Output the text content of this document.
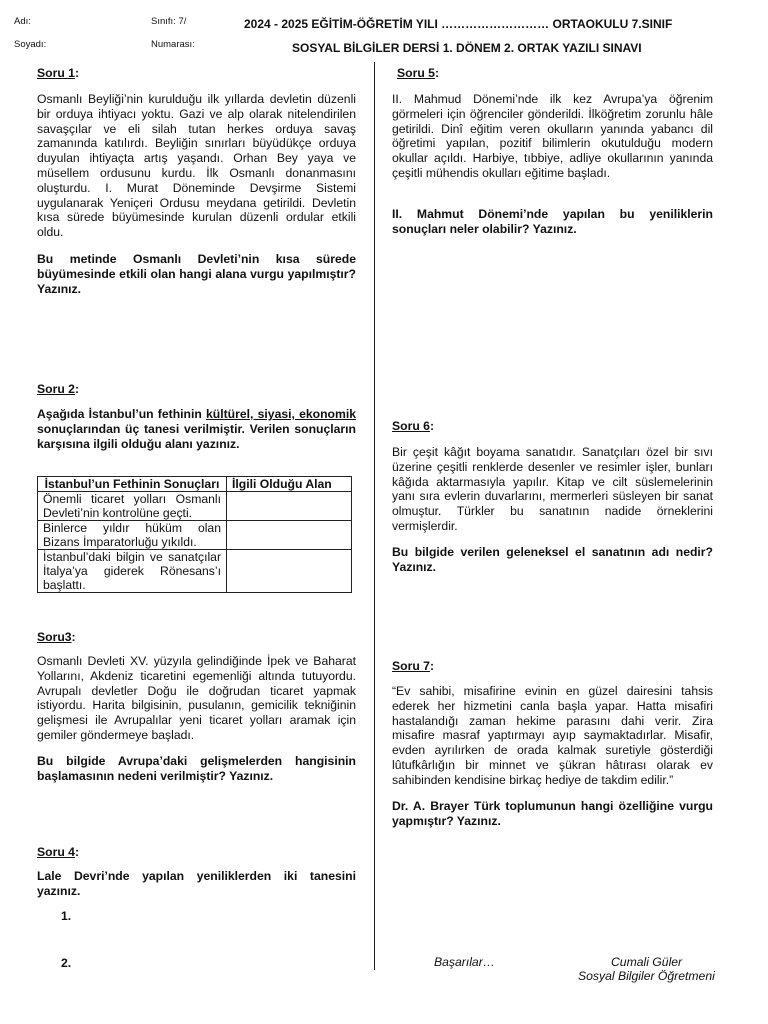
Adı:
Soyadı:
Sınıfı: 7/
Numarası:
2024 - 2025 EĞİTİM-ÖĞRETİM YILI ……………………… ORTAOKULU 7.SINIF
SOSYAL BİLGİLER DERSİ 1. DÖNEM 2. ORTAK YAZILI SINAVI
Soru 1:

Osmanlı Beyliği’nin kurulduğu ilk yıllarda devletin düzenli bir orduya ihtiyacı yoktu. Gazi ve alp olarak nitelendirilen savaşçılar ve eli silah tutan herkes orduya savaş zamanında katılırdı. Beyliğin sınırları büyüdükçe orduya duyulan ihtiyaçta artış yaşandı. Orhan Bey yaya ve müsellem ordusunu kurdu. İlk Osmanlı donanmasını oluşturdu. I. Murat Döneminde Devşirme Sistemi uygulanarak Yeniçeri Ordusu meydana getirildi. Devletin kısa sürede büyümesinde kurulan düzenli ordular etkili oldu.

Bu metinde Osmanlı Devleti’nin kısa sürede büyümesinde etkili olan hangi alana vurgu yapılmıştır? Yazınız.

Soru 2:

Aşağıda İstanbul’un fethinin kültürel, siyasi, ekonomik sonuçlarından üç tanesi verilmiştir. Verilen sonuçların karşısına ilgili olduğu alanı yazınız.

İstanbul’un Fethinin Sonuçları	İlgili Olduğu Alan
Önemli ticaret yolları Osmanlı Devleti’nin kontrolüne geçti.	
Binlerce yıldır hüküm olan Bizans İmparatorluğu yıkıldı.	
İstanbul’daki bilgin ve sanatçılar İtalya’ya giderek Rönesans’ı başlattı.	
Soru3:

Osmanlı Devleti XV. yüzyıla gelindiğinde İpek ve Baharat Yollarını, Akdeniz ticaretini egemenliği altında tutuyordu. Avrupalı devletler Doğu ile doğrudan ticaret yapmak istiyordu. Harita bilgisinin, pusulanın, gemicilik tekniğinin gelişmesi ile Avrupalılar yeni ticaret yolları aramak için gemiler göndermeye başladı.

Bu bilgide Avrupa’daki gelişmelerden hangisinin başlamasının nedeni verilmiştir? Yazınız.

Soru 4:

Lale Devri’nde yapılan yeniliklerden iki tanesini yazınız.

1.
2.
Soru 5:

II. Mahmud Dönemi’nde ilk kez Avrupa’ya öğrenim görmeleri için öğrenciler gönderildi. İlköğretim zorunlu hâle getirildi. Dinî eğitim veren okulların yanında yabancı dil öğretimi yapılan, pozitif bilimlerin okutulduğu modern okullar açıldı. Harbiye, tıbbiye, adliye okullarının yanında çeşitli mühendis okulları eğitime başladı.

II. Mahmut Dönemi’nde yapılan bu yeniliklerin sonuçları neler olabilir? Yazınız.

Soru 6:

Bir çeşit kâğıt boyama sanatıdır. Sanatçıları özel bir sıvı üzerine çeşitli renklerde desenler ve resimler işler, bunları kâğıda aktarmasıyla yapılır. Kitap ve cilt süslemelerinin yanı sıra evlerin duvarlarını, mermerleri süsleyen bir sanat olmuştur. Türkler bu sanatının nadide örneklerini vermişlerdir.

Bu bilgide verilen geleneksel el sanatının adı nedir? Yazınız.

Soru 7:

“Ev sahibi, misafirine evinin en güzel dairesini tahsis ederek her hizmetini canla başla yapar. Hatta misafiri hastalandığı zaman hekime parasını dahi verir. Zira misafire masraf yaptırmayı ayıp saymaktadırlar. Misafir, evden ayrılırken de orada kalmak suretiyle gösterdiği lûtufkârlığın bir minnet ve şükran hâtırası olarak ev sahibinden kendisine birkaç hediye de takdim edilir.”

Dr. A. Brayer Türk toplumunun hangi özelliğine vurgu yapmıştır? Yazınız.

Başarılar…	Cumali Güler
Sosyal Bilgiler Öğretmeni
